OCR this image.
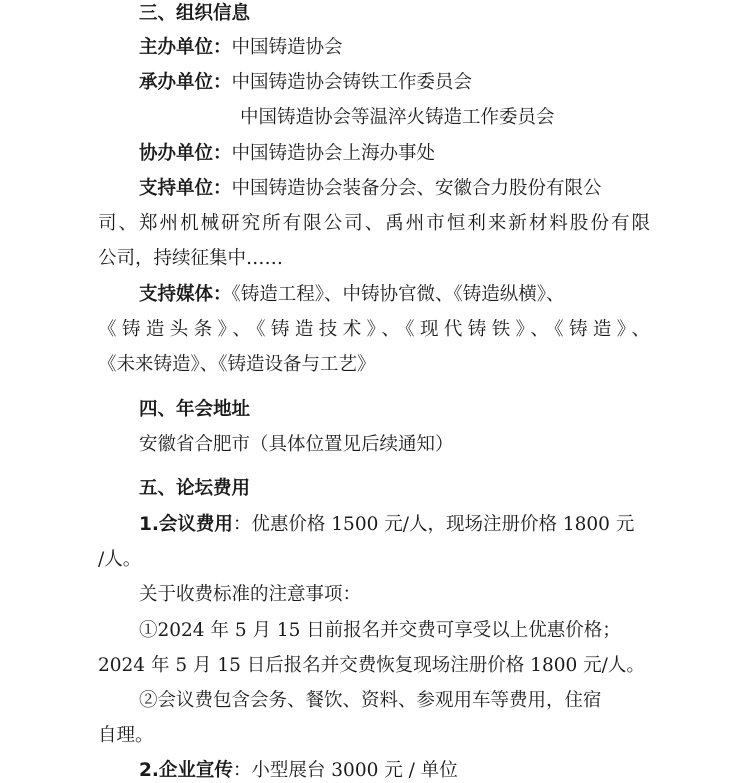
三、组织信息
主办单位：中国铸造协会
承办单位：中国铸造协会铸铁工作委员会
中国铸造协会等温淬火铸造工作委员会
协办单位：中国铸造协会上海办事处
支持单位：中国铸造协会装备分会、安徽合力股份有限公
司、郑州机械研究所有限公司、禹州市恒利来新材料股份有限
公司，持续征集中……
支持媒体：《铸造工程》、中铸协官微、《铸造纵横》、
《铸造头条》、《铸造技术》、《现代铸铁》、《铸造》、
《未来铸造》、《铸造设备与工艺》
四、年会地址
安徽省合肥市（具体位置见后续通知）
五、论坛费用
1.会议费用：优惠价格 1500 元/人，现场注册价格 1800 元
/人。
关于收费标准的注意事项：
①2024 年 5 月 15 日前报名并交费可享受以上优惠价格；
2024 年 5 月 15 日后报名并交费恢复现场注册价格 1800 元/人。
②会议费包含会务、餐饮、资料、参观用车等费用，住宿
自理。
2.企业宣传：小型展台 3000 元 / 单位
